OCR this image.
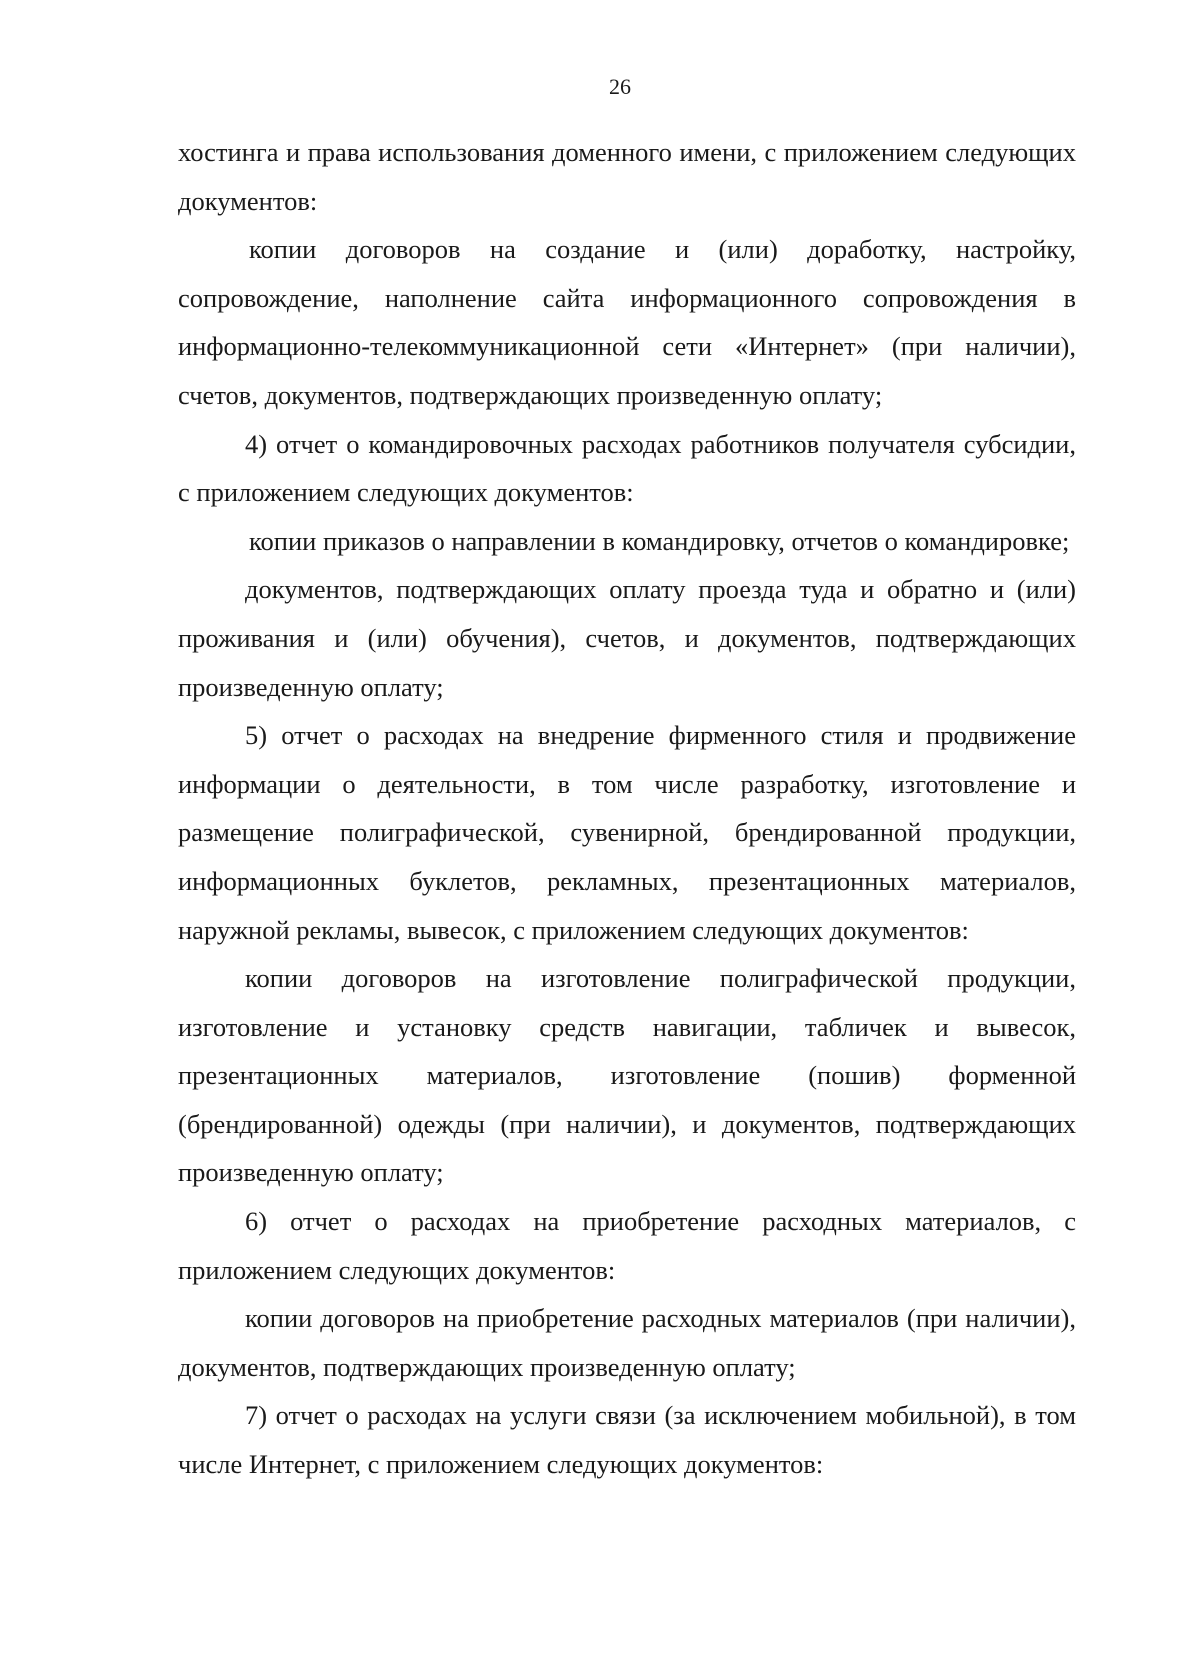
26

хостинга и права использования доменного имени, с приложением следующих документов:

копии договоров на создание и (или) доработку, настройку, сопровождение, наполнение сайта информационного сопровождения в информационно-телекоммуникационной сети «Интернет» (при наличии), счетов, документов, подтверждающих произведенную оплату;

4) отчет о командировочных расходах работников получателя субсидии, с приложением следующих документов:

копии приказов о направлении в командировку, отчетов о командировке;

документов, подтверждающих оплату проезда туда и обратно и (или) проживания и (или) обучения), счетов, и документов, подтверждающих произведенную оплату;

5) отчет о расходах на внедрение фирменного стиля и продвижение информации о деятельности, в том числе разработку, изготовление и размещение полиграфической, сувенирной, брендированной продукции, информационных буклетов, рекламных, презентационных материалов, наружной рекламы, вывесок, с приложением следующих документов:

копии договоров на изготовление полиграфической продукции, изготовление и установку средств навигации, табличек и вывесок, презентационных материалов, изготовление (пошив) форменной (брендированной) одежды (при наличии), и документов, подтверждающих произведенную оплату;

6) отчет о расходах на приобретение расходных материалов, с приложением следующих документов:

копии договоров на приобретение расходных материалов (при наличии), документов, подтверждающих произведенную оплату;

7) отчет о расходах на услуги связи (за исключением мобильной), в том числе Интернет, с приложением следующих документов:
